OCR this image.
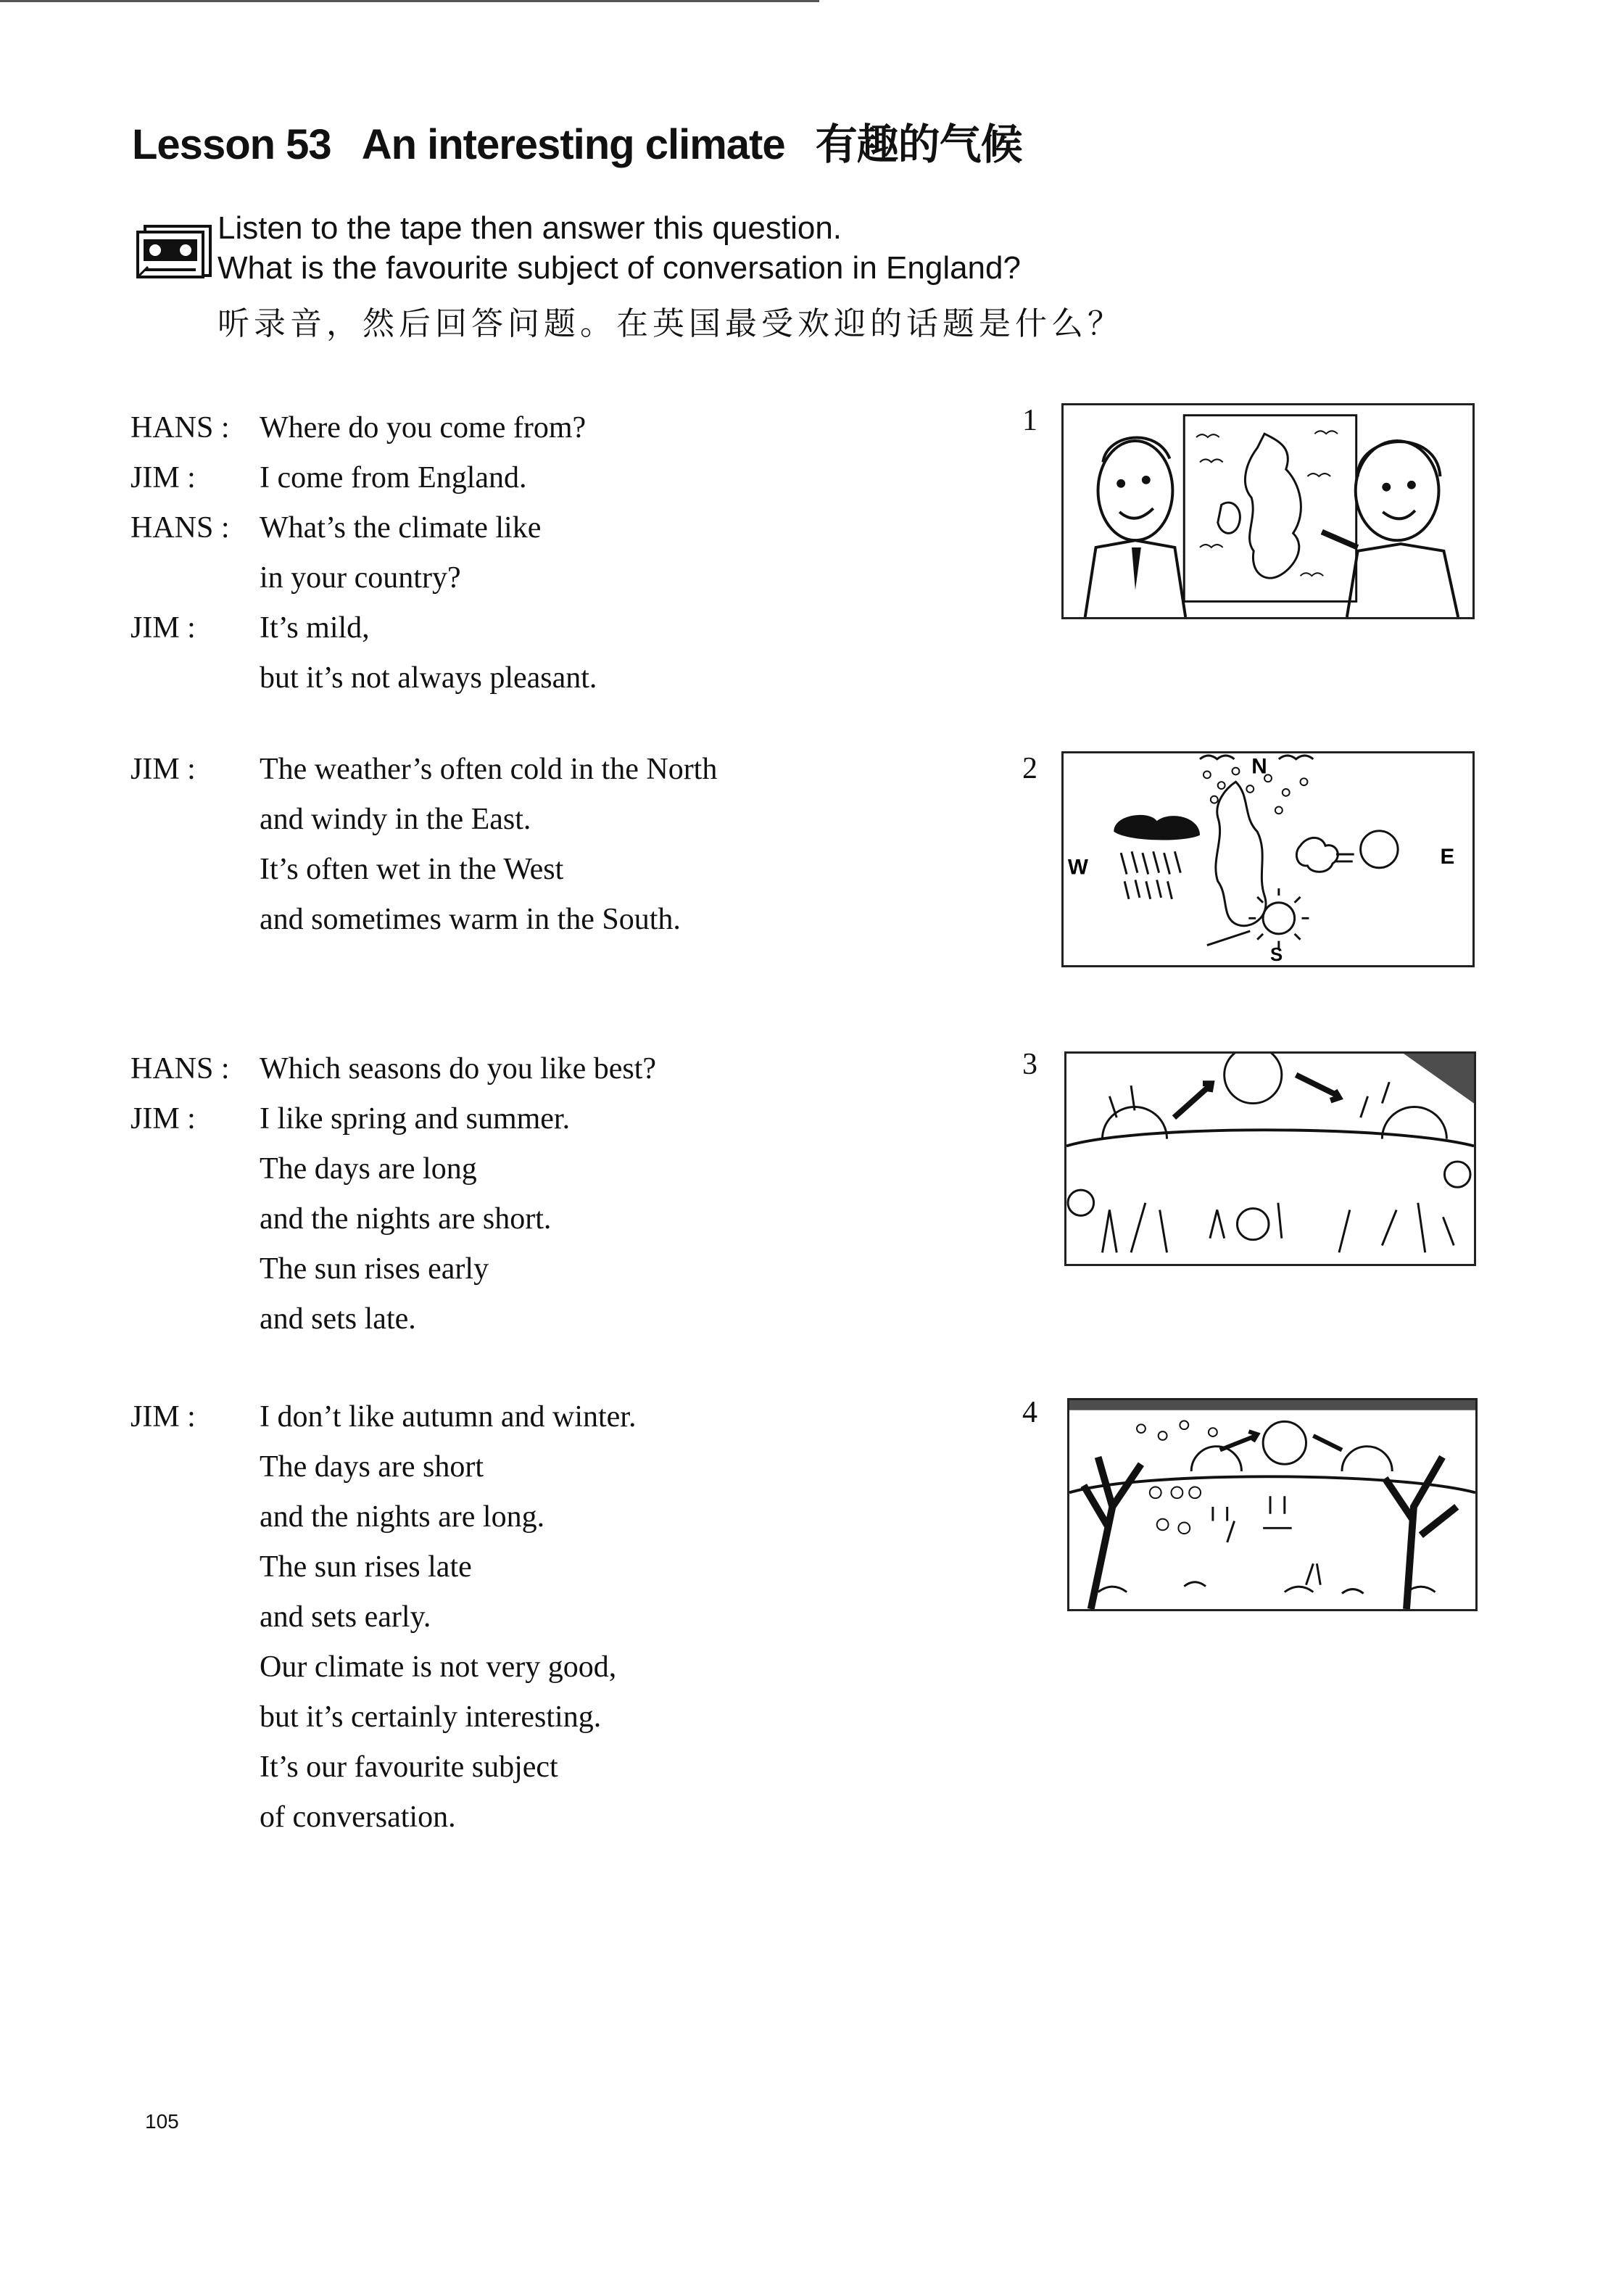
Lesson 53 An interesting climate 有趣的气候

Listen to the tape then answer this question.

What is the favourite subject of conversation in England?

听录音，然后回答问题。在英国最受欢迎的话题是什么？

HANS : Where do you come from?
JIM :	I come from England.
HANS : What’s the climate like
in your country?
JIM :	It’s mild,
but it’s not always pleasant.
JIM :	The weather’s often cold in the North
and windy in the East.
It’s often wet in the West
and sometimes warm in the South.
HANS : Which seasons do you like best?
JIM :	I like spring and summer.
The days are long
and the nights are short.
The sun rises early
and sets late.
JIM :	I don’t like autumn and winter.
The days are short
and the nights are long.
The sun rises late
and sets early.
Our climate is not very good,
but it’s certainly interesting.
It’s our favourite subject
of conversation.
1
2	N
W	E
S
3
4
105
